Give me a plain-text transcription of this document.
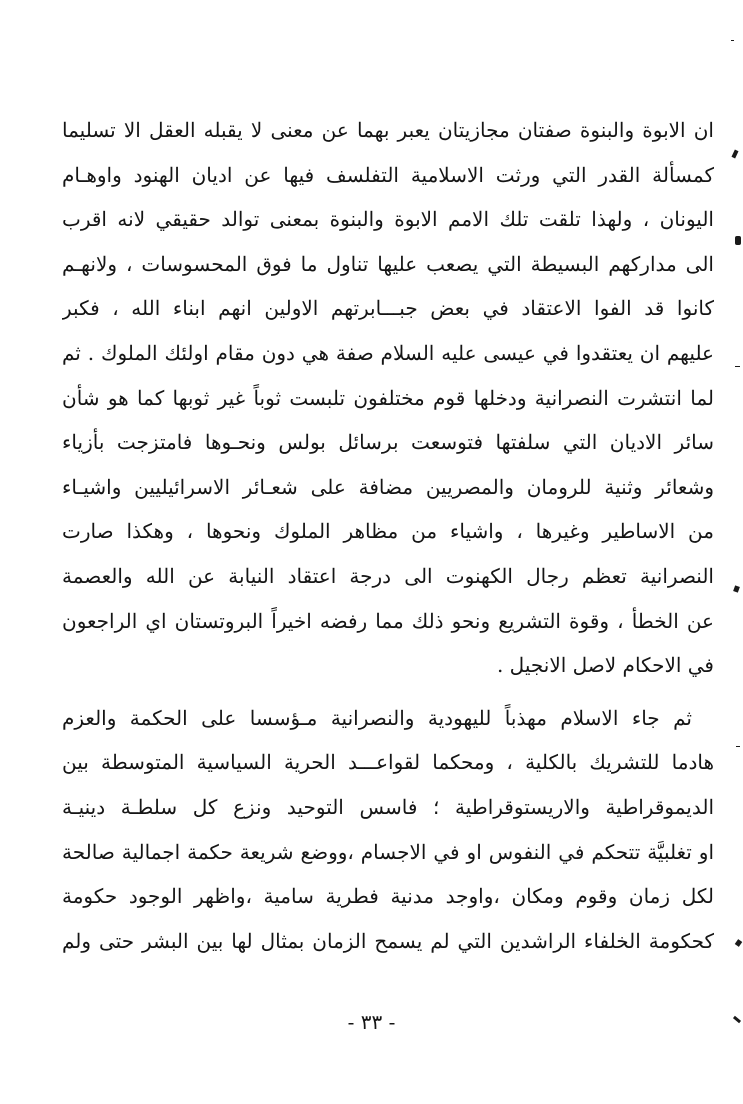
ان الابوة والبنوة صفتان مجازيتان يعبر بهما عن معنى لا يقبله العقل الا تسليما
كمسألة القدر التي ورثت الاسلامية التفلسف فيها عن اديان الهنود واوهـام
اليونان ، ولهذا تلقت تلك الامم الابوة والبنوة بمعنى توالد حقيقي لانه اقرب
الى مداركهم البسيطة التي يصعب عليها تناول ما فوق المحسوسات ، ولانهـم
كانوا قد الفوا الاعتقاد في بعض جبـــابرتهم الاولين انهم ابناء الله ، فكبر
عليهم ان يعتقدوا في عيسى عليه السلام صفة هي دون مقام اولئك الملوك . ثم
لما انتشرت النصرانية ودخلها قوم مختلفون تلبست ثوباً غير ثوبها كما هو شأن
سائر الاديان التي سلفتها فتوسعت برسائل بولس ونحـوها فامتزجت بأزياء
وشعائر وثنية للرومان والمصريين مضافة على شعـائر الاسرائيليين واشيـاء
من الاساطير وغيرها ، واشياء من مظاهر الملوك ونحوها ، وهكذا صارت
النصرانية تعظم رجال الكهنوت الى درجة اعتقاد النيابة عن الله والعصمة
عن الخطأ ، وقوة التشريع ونحو ذلك مما رفضه اخيراً البروتستان اي الراجعون
في الاحكام لاصل الانجيل .
ثم جاء الاسلام مهذباً لليهودية والنصرانية مـؤسسا على الحكمة والعزم
هادما للتشريك بالكلية ، ومحكما لقواعـــد الحرية السياسية المتوسطة بين
الديموقراطية والاريستوقراطية ؛ فاسس التوحيد ونزع كل سلطـة دينيـة
او تغلبيَّة تتحكم في النفوس او في الاجسام ،ووضع شريعة حكمة اجمالية صالحة
لكل زمان وقوم ومكان ،واوجد مدنية فطرية سامية ،واظهر الوجود حكومة
كحكومة الخلفاء الراشدين التي لم يسمح الزمان بمثال لها بين البشر حتى ولم
- ٣٣ -
